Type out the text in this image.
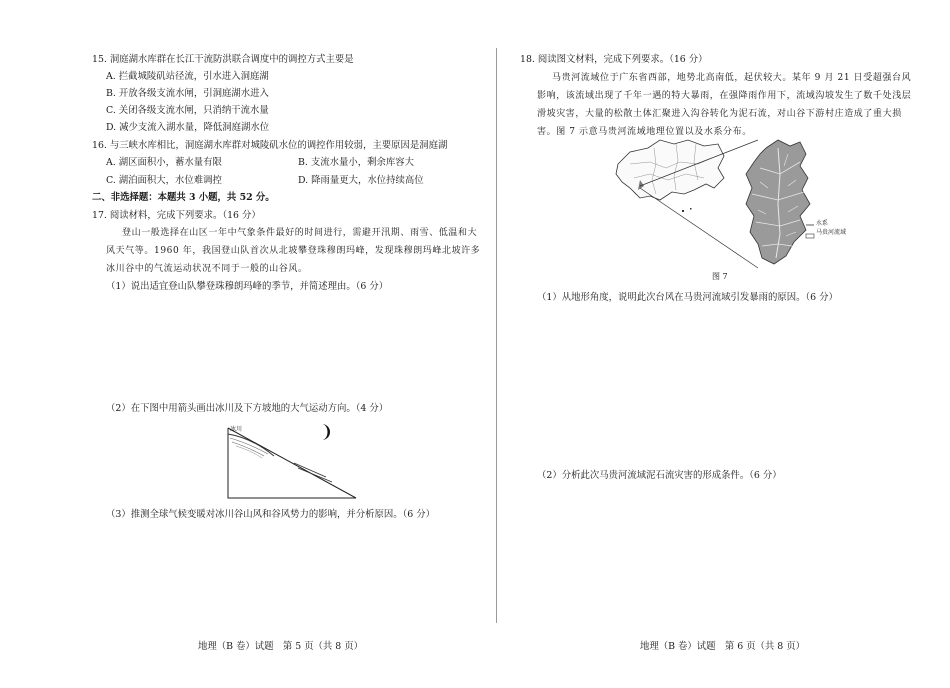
15. 洞庭湖水库群在长江干流防洪联合调度中的调控方式主要是
A. 拦截城陵矶站径流，引水进入洞庭湖
B. 开放各级支流水闸，引洞庭湖水进入
C. 关闭各级支流水闸，只消纳干流水量
D. 减少支流入湖水量，降低洞庭湖水位
16. 与三峡水库相比，洞庭湖水库群对城陵矶水位的调控作用较弱，主要原因是洞庭湖
A. 湖区面积小，蓄水量有限	B. 支流水量小，剩余库容大
C. 湖泊面积大，水位难调控	D. 降雨量更大，水位持续高位
二、非选择题：本题共 3 小题，共 52 分。
17. 阅读材料，完成下列要求。（16 分）
登山一般选择在山区一年中气象条件最好的时间进行，需避开汛期、雨雪、低温和大
风天气等。1960 年，我国登山队首次从北坡攀登珠穆朗玛峰，发现珠穆朗玛峰北坡许多
冰川谷中的气流运动状况不同于一般的山谷风。
（1）说出适宜登山队攀登珠穆朗玛峰的季节，并简述理由。（6 分）
（2）在下图中用箭头画出冰川及下方坡地的大气运动方向。（4 分）
冰川
（3）推测全球气候变暖对冰川谷山风和谷风势力的影响，并分析原因。（6 分）
地理（B 卷）试题　第 5 页（共 8 页）
18. 阅读图文材料，完成下列要求。（16 分）
马贵河流域位于广东省西部，地势北高南低，起伏较大。某年 9 月 21 日受超强台风
影响，该流域出现了千年一遇的特大暴雨，在强降雨作用下，流域沟坡发生了数千处浅层
滑坡灾害，大量的松散土体汇聚进入沟谷转化为泥石流，对山谷下游村庄造成了重大损
害。图 7 示意马贵河流域地理位置以及水系分布。
水系
马贵河流域
图 7
（1）从地形角度，说明此次台风在马贵河流域引发暴雨的原因。（6 分）
（2）分析此次马贵河流域泥石流灾害的形成条件。（6 分）
地理（B 卷）试题　第 6 页（共 8 页）
